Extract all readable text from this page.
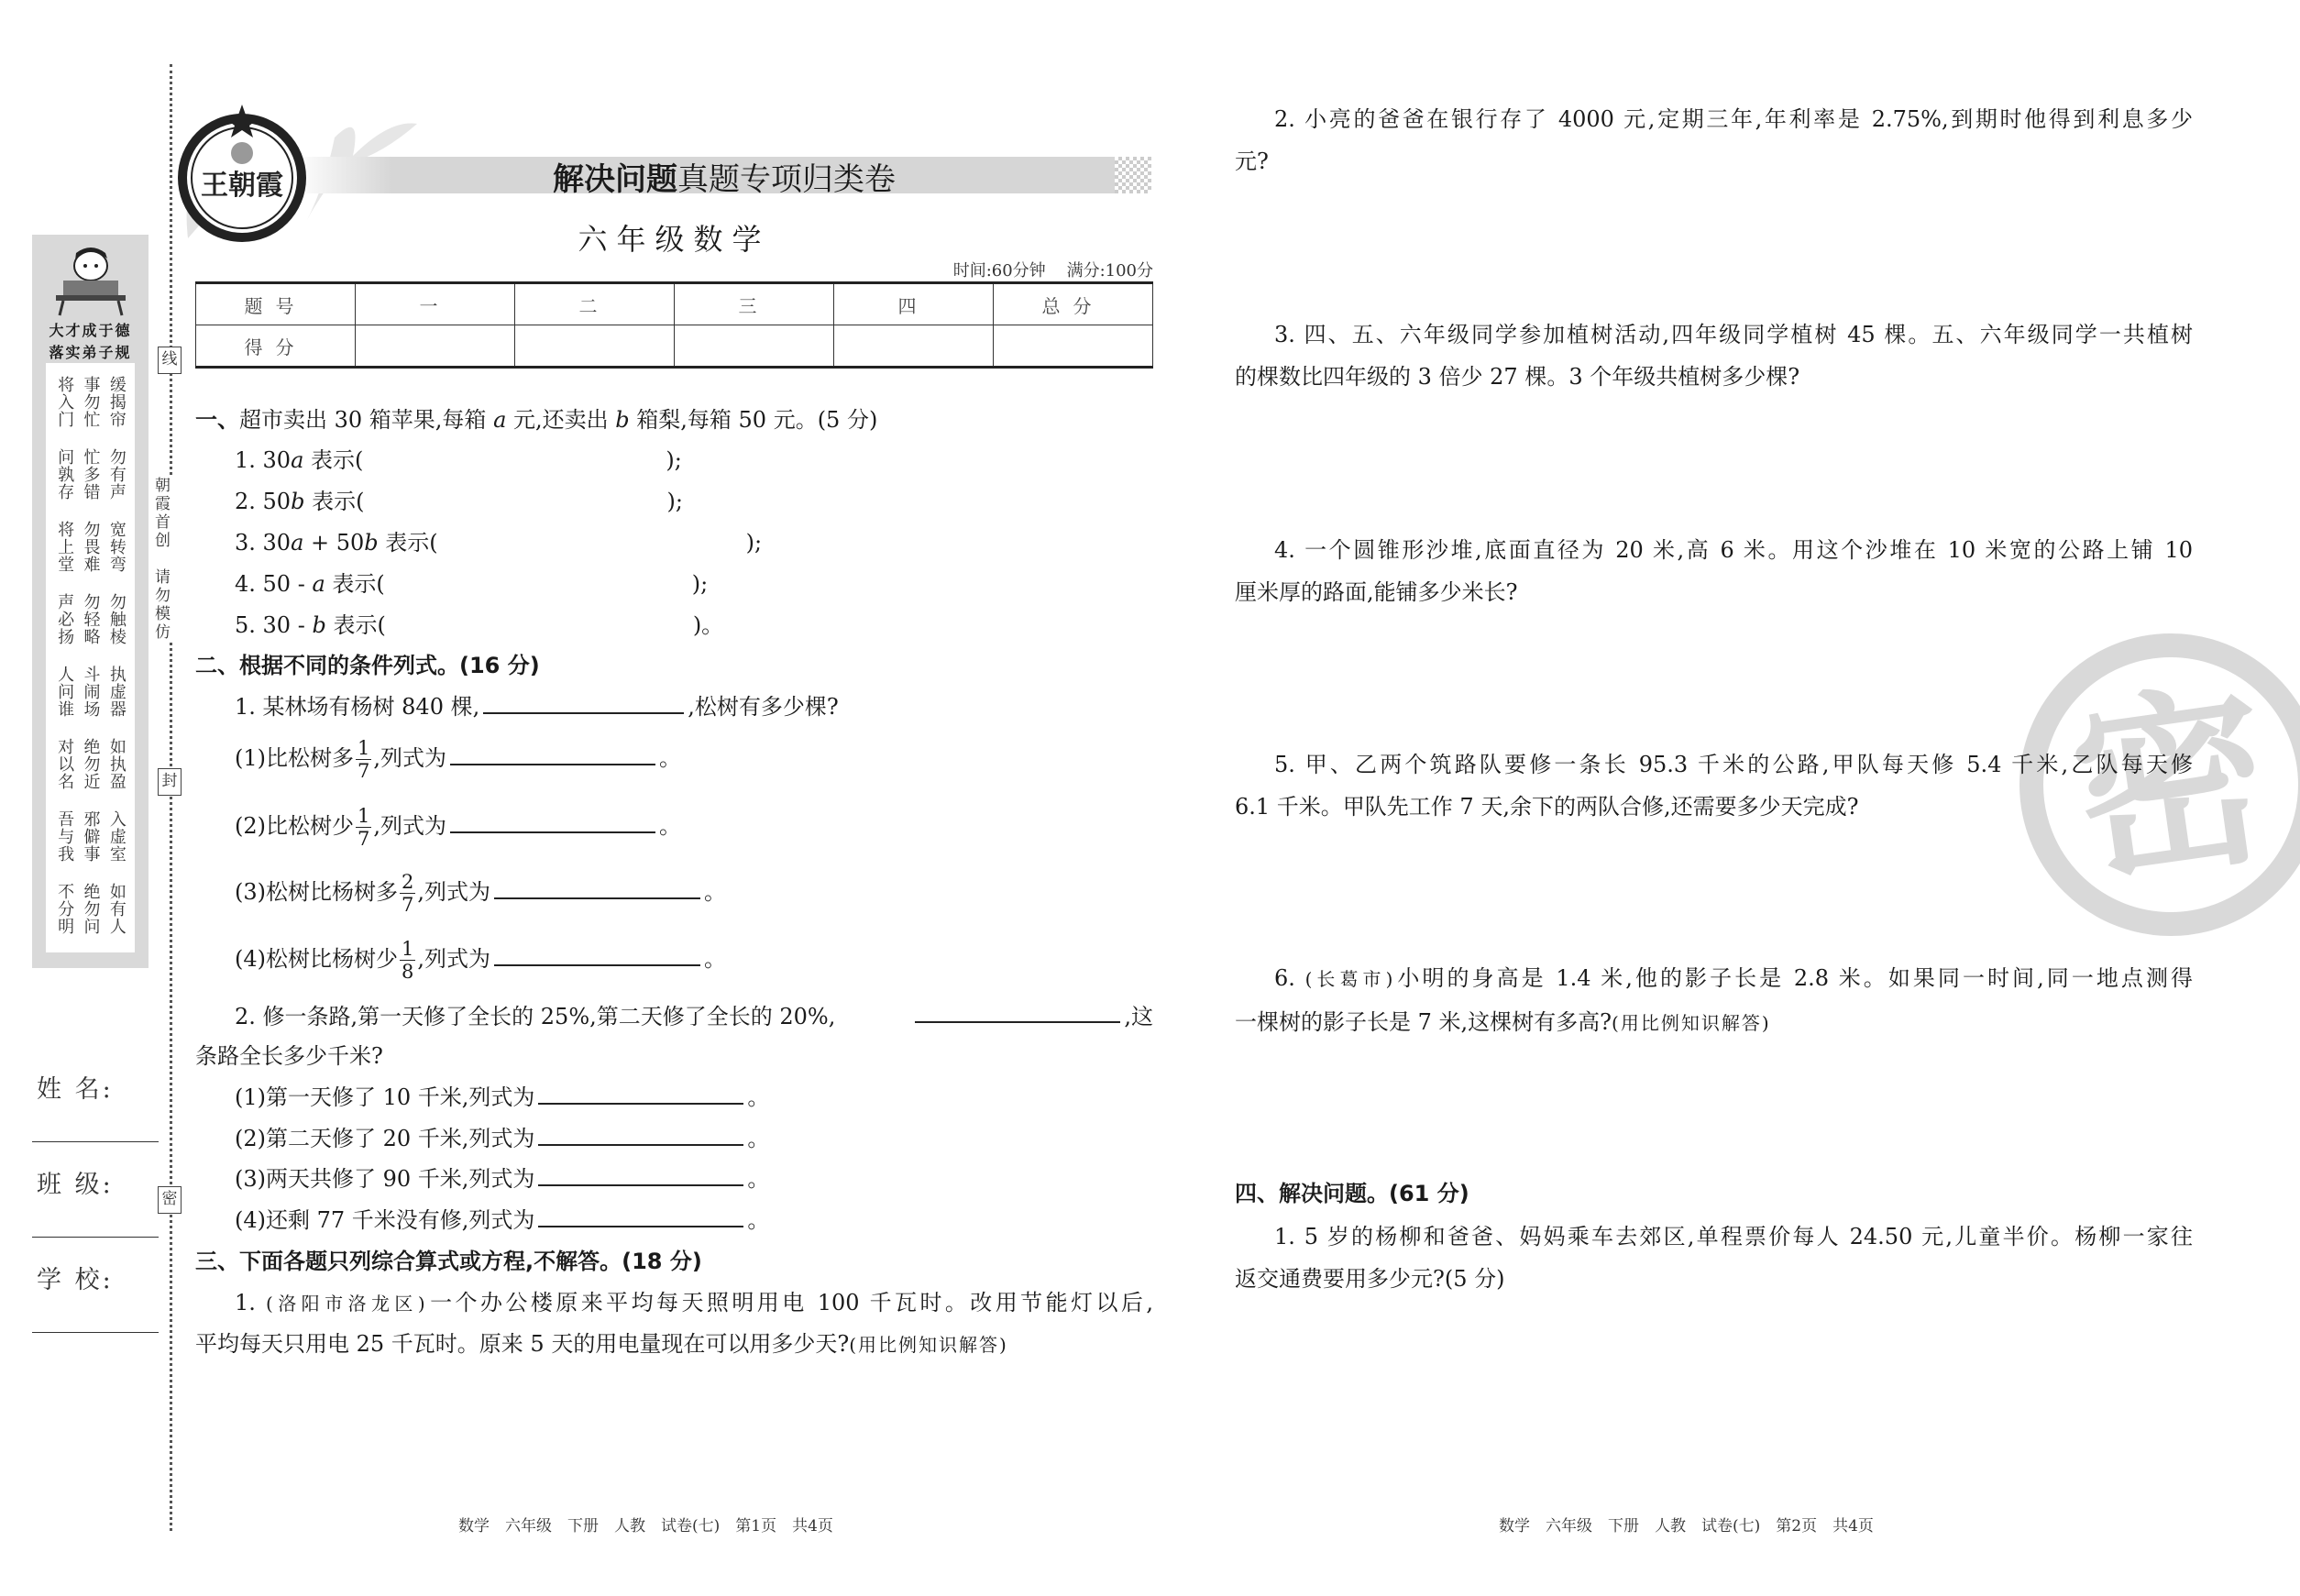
线
封
密
朝霞首创　请勿模仿
大才成于德
落实弟子规
将入门 事勿忙 缓揭帘
问孰存 忙多错 勿有声
将上堂 勿畏难 宽转弯
声必扬 勿轻略 勿触棱
人问谁 斗闹场 执虚器
对以名 绝勿近 如执盈
吾与我 邪僻事 入虚室
不分明 绝勿问 如有人
姓 名:
班 级:
学 校:
王朝霞	解决问题真题专项归类卷
六年级数学
时间:60分钟 满分:100分
题号	一	二	三	四	总分
得分					
一、超市卖出 30 箱苹果,每箱 a 元,还卖出 b 箱梨,每箱 50 元。(5 分)
1. 30a 表示(	);
2. 50b 表示(	);
3. 30a + 50b 表示(	);
4. 50 - a 表示(	);
5. 30 - b 表示(	)。
二、根据不同的条件列式。(16 分)
1. 某林场有杨树 840 棵,	,松树有多少棵?
(1)比松树多 $\frac{1}{7}$ ,列式为	。
(2)比松树少 $\frac{1}{7}$ ,列式为	。
(3)松树比杨树多 $\frac{2}{7}$ ,列式为	。
(4)松树比杨树少 $\frac{1}{8}$ ,列式为	。
2. 修一条路,第一天修了全长的 25%,第二天修了全长的 20%,	,这
条路全长多少千米?
(1)第一天修了 10 千米,列式为	。
(2)第二天修了 20 千米,列式为	。
(3)两天共修了 90 千米,列式为	。
(4)还剩 77 千米没有修,列式为	。
三、下面各题只列综合算式或方程,不解答。(18 分)
1. (洛阳市洛龙区)一个办公楼原来平均每天照明用电 100 千瓦时。改用节能灯以后,
平均每天只用电 25 千瓦时。原来 5 天的用电量现在可以用多少天?(用比例知识解答)
数学　六年级　下册　人教　试卷(七)　第1页　共4页
密
2. 小亮的爸爸在银行存了 4000 元,定期三年,年利率是 2.75%,到期时他得到利息多少
元?
3. 四、五、六年级同学参加植树活动,四年级同学植树 45 棵。五、六年级同学一共植树
的棵数比四年级的 3 倍少 27 棵。3 个年级共植树多少棵?
4. 一个圆锥形沙堆,底面直径为 20 米,高 6 米。用这个沙堆在 10 米宽的公路上铺 10
厘米厚的路面,能铺多少米长?
5. 甲、乙两个筑路队要修一条长 95.3 千米的公路,甲队每天修 5.4 千米,乙队每天修
6.1 千米。甲队先工作 7 天,余下的两队合修,还需要多少天完成?
6. (长葛市)小明的身高是 1.4 米,他的影子长是 2.8 米。如果同一时间,同一地点测得
一棵树的影子长是 7 米,这棵树有多高?(用比例知识解答)
四、解决问题。(61 分)
1. 5 岁的杨柳和爸爸、妈妈乘车去郊区,单程票价每人 24.50 元,儿童半价。杨柳一家往
返交通费要用多少元?(5 分)
数学　六年级　下册　人教　试卷(七)　第2页　共4页
